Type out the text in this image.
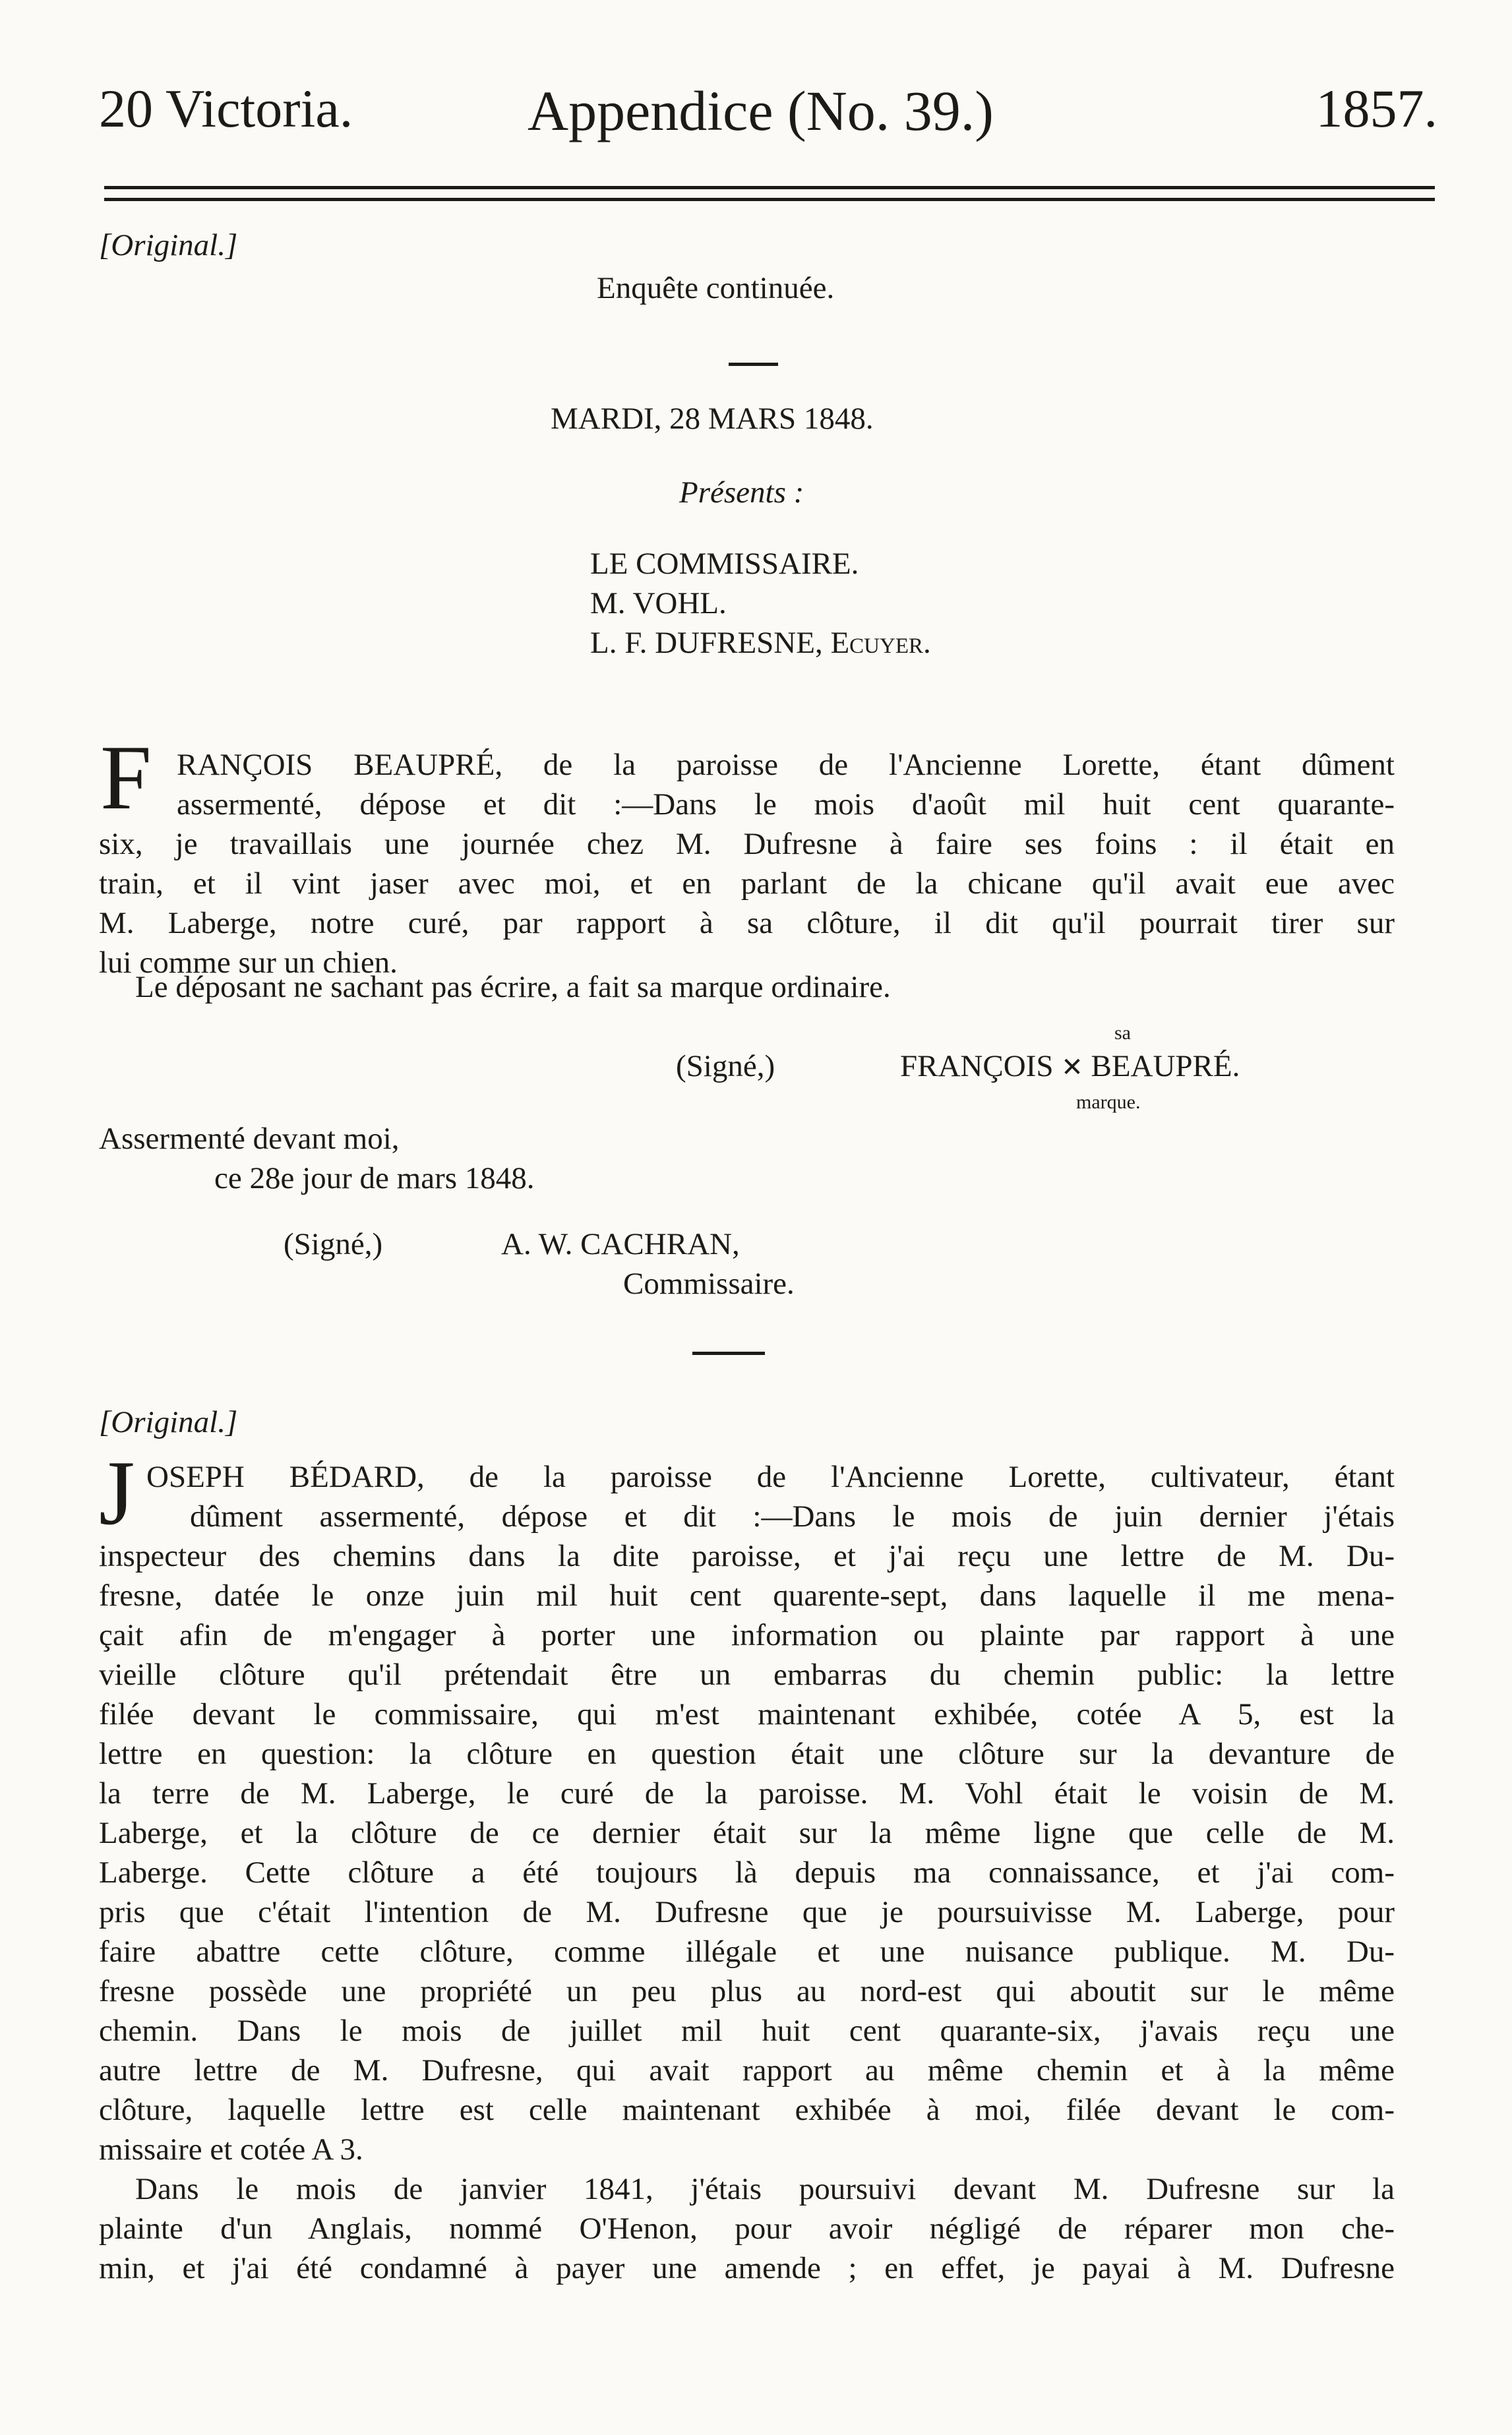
20 Victoria.	Appendice (No. 39.)	1857.
[Original.]
Enquête continuée.
MARDI, 28 MARS 1848.
Présents :
LE COMMISSAIRE.
M. VOHL.
L. F. DUFRESNE, Ecuyer.
F RANÇOIS BEAUPRÉ, de la paroisse de l'Ancienne Lorette, étant dûment
assermenté, dépose et dit :—Dans le mois d'août mil huit cent quarante-
six, je travaillais une journée chez M. Dufresne à faire ses foins : il était en
train, et il vint jaser avec moi, et en parlant de la chicane qu'il avait eue avec
M. Laberge, notre curé, par rapport à sa clôture, il dit qu'il pourrait tirer sur
lui comme sur un chien.
Le déposant ne sachant pas écrire, a fait sa marque ordinaire.
sa
(Signé,)	FRANÇOIS ✕ BEAUPRÉ.
marque.
Assermenté devant moi,
ce 28e jour de mars 1848.
(Signé,)	A. W. CACHRAN,
Commissaire.
[Original.]
J OSEPH BÉDARD, de la paroisse de l'Ancienne Lorette, cultivateur, étant
dûment assermenté, dépose et dit :—Dans le mois de juin dernier j'étais
inspecteur des chemins dans la dite paroisse, et j'ai reçu une lettre de M. Du-
fresne, datée le onze juin mil huit cent quarente-sept, dans laquelle il me mena-
çait afin de m'engager à porter une information ou plainte par rapport à une
vieille clôture qu'il prétendait être un embarras du chemin public: la lettre
filée devant le commissaire, qui m'est maintenant exhibée, cotée A 5, est la
lettre en question: la clôture en question était une clôture sur la devanture de
la terre de M. Laberge, le curé de la paroisse. M. Vohl était le voisin de M.
Laberge, et la clôture de ce dernier était sur la même ligne que celle de M.
Laberge. Cette clôture a été toujours là depuis ma connaissance, et j'ai com-
pris que c'était l'intention de M. Dufresne que je poursuivisse M. Laberge, pour
faire abattre cette clôture, comme illégale et une nuisance publique. M. Du-
fresne possède une propriété un peu plus au nord-est qui aboutit sur le même
chemin. Dans le mois de juillet mil huit cent quarante-six, j'avais reçu une
autre lettre de M. Dufresne, qui avait rapport au même chemin et à la même
clôture, laquelle lettre est celle maintenant exhibée à moi, filée devant le com-
missaire et cotée A 3.
Dans le mois de janvier 1841, j'étais poursuivi devant M. Dufresne sur la
plainte d'un Anglais, nommé O'Henon, pour avoir négligé de réparer mon che-
min, et j'ai été condamné à payer une amende ; en effet, je payai à M. Dufresne
